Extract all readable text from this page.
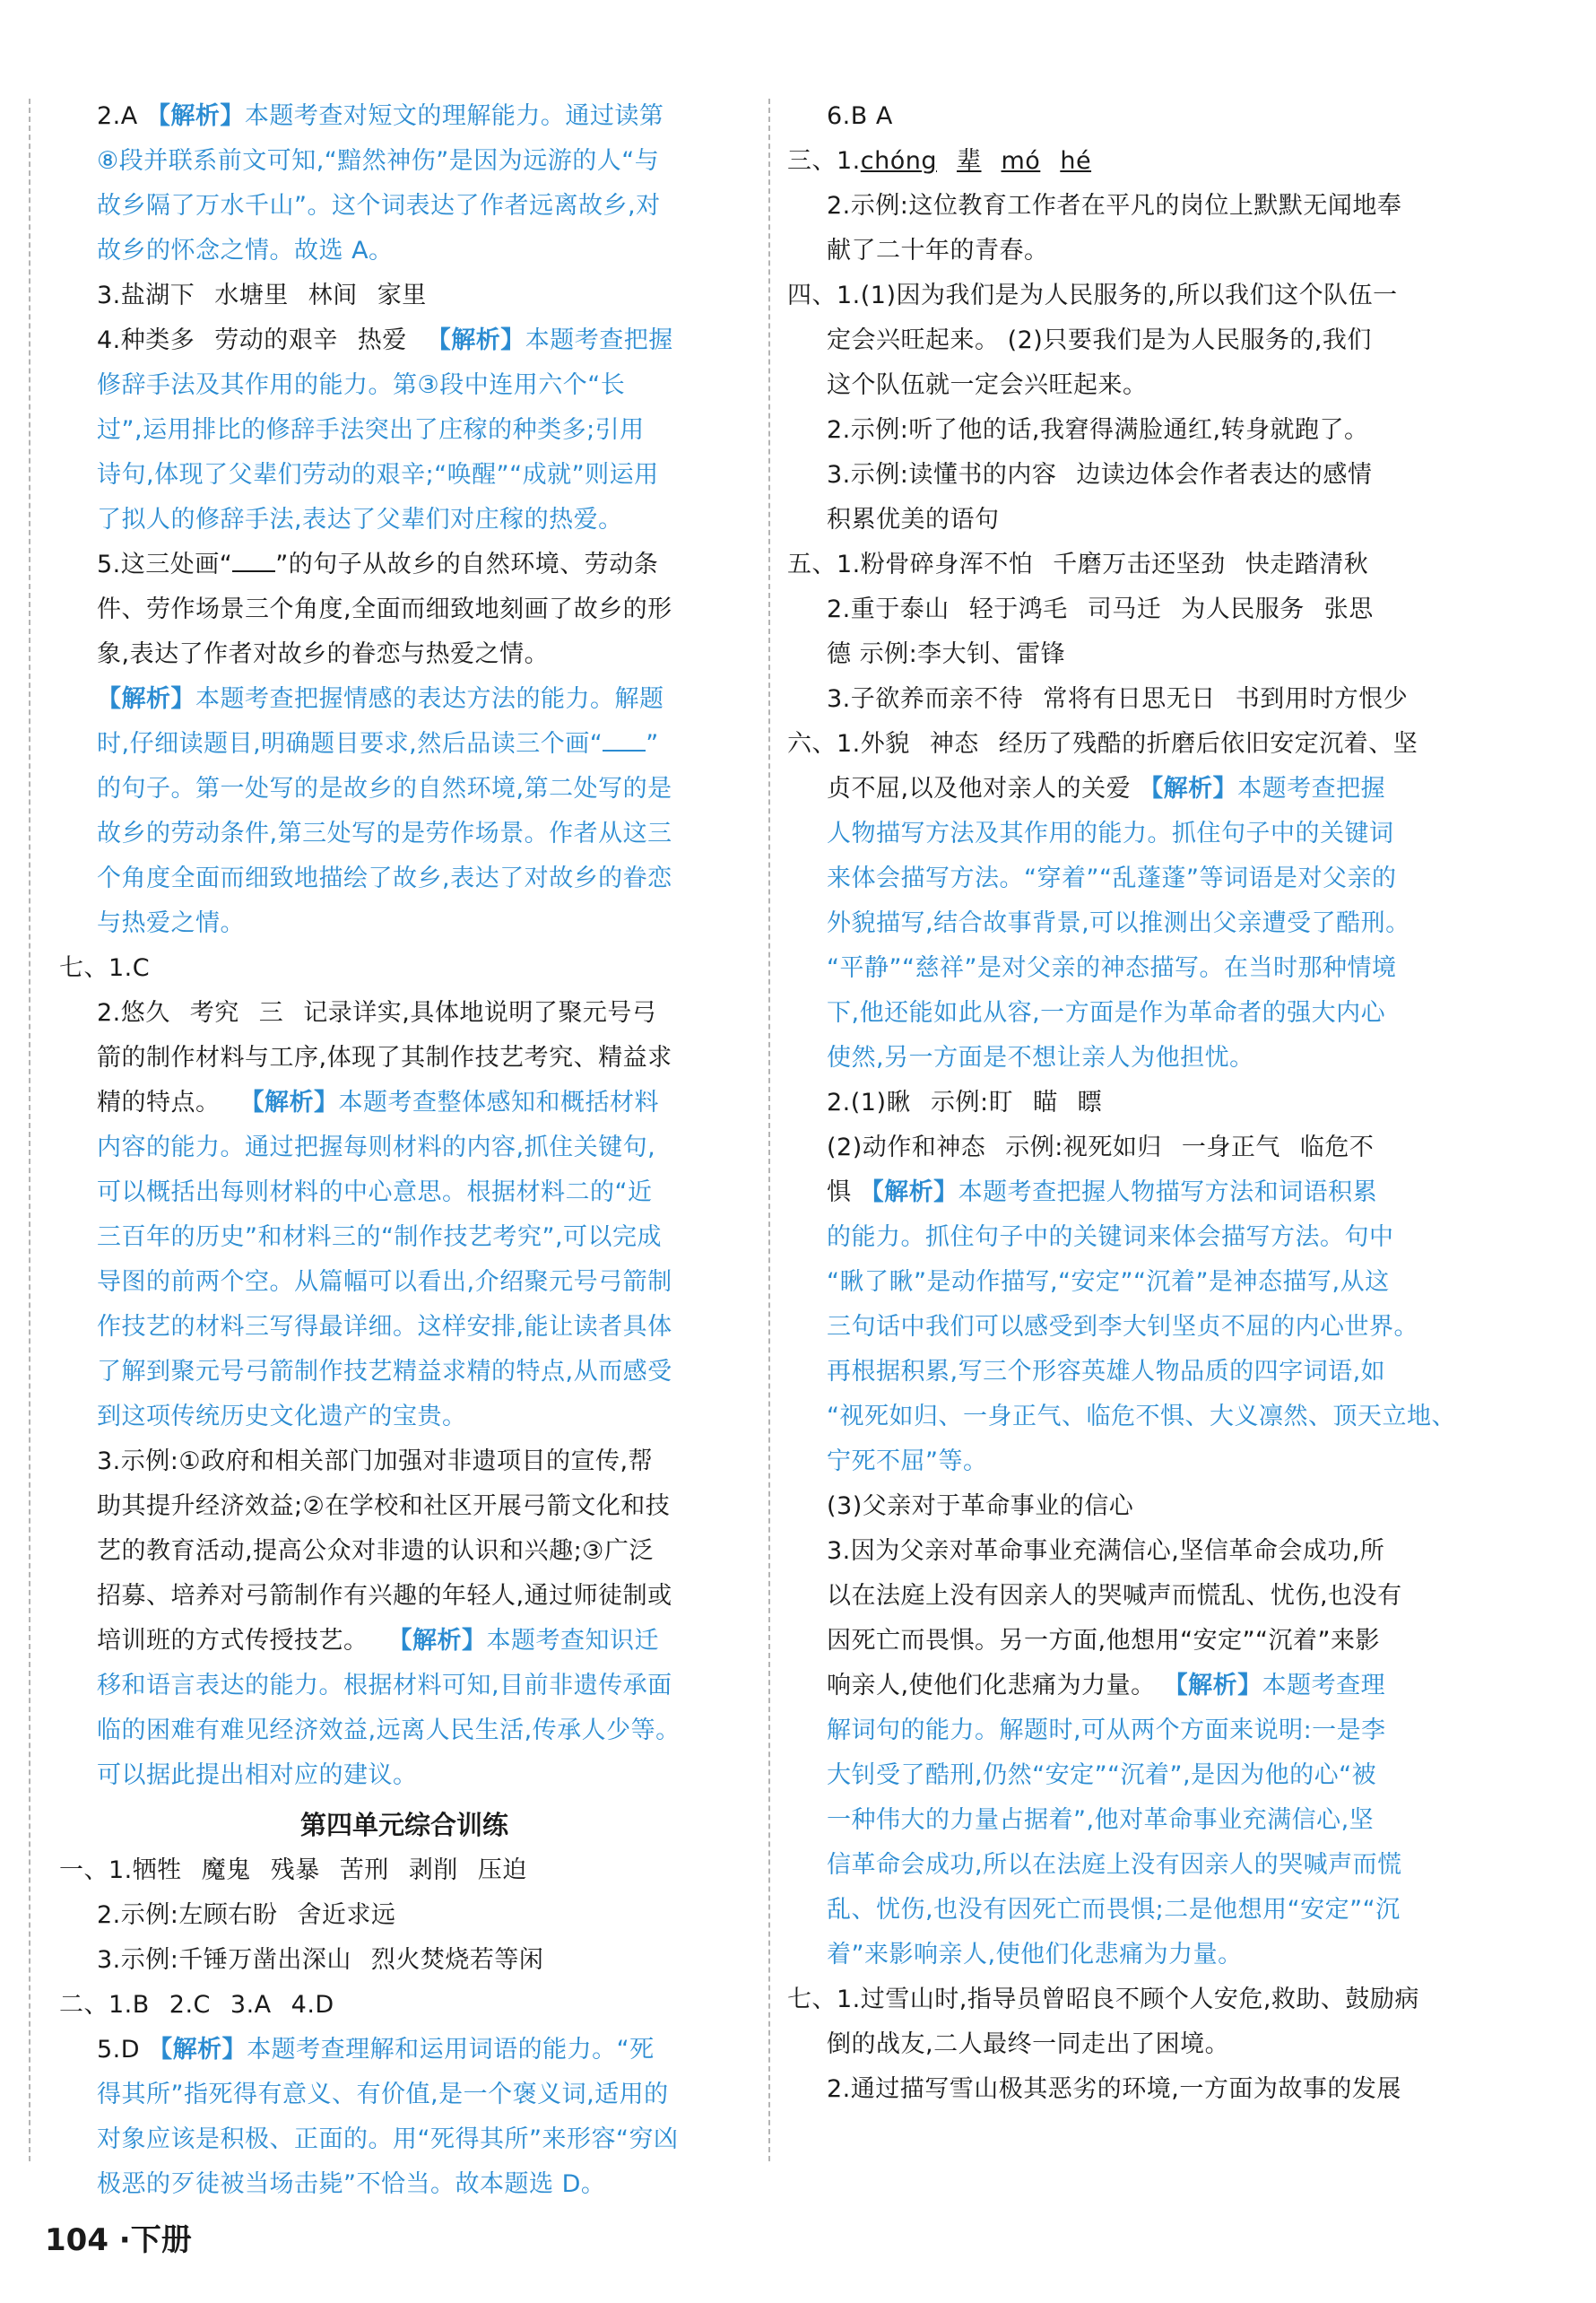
2.A 【解析】本题考查对短文的理解能力。通过读第
⑧段并联系前文可知,“黯然神伤”是因为远游的人“与
故乡隔了万水千山”。这个词表达了作者远离故乡,对
故乡的怀念之情。故选 A。
3.盐湖下 水塘里 林间 家里
4.种类多 劳动的艰辛 热爱 【解析】本题考查把握
修辞手法及其作用的能力。第③段中连用六个“长
过”,运用排比的修辞手法突出了庄稼的种类多;引用
诗句,体现了父辈们劳动的艰辛;“唤醒”“成就”则运用
了拟人的修辞手法,表达了父辈们对庄稼的热爱。
5.这三处画“ ”的句子从故乡的自然环境、劳动条
件、劳作场景三个角度,全面而细致地刻画了故乡的形
象,表达了作者对故乡的眷恋与热爱之情。
【解析】本题考查把握情感的表达方法的能力。解题
时,仔细读题目,明确题目要求,然后品读三个画“ ”
的句子。第一处写的是故乡的自然环境,第二处写的是
故乡的劳动条件,第三处写的是劳作场景。作者从这三
个角度全面而细致地描绘了故乡,表达了对故乡的眷恋
与热爱之情。
七、1.C
2.悠久 考究 三 记录详实,具体地说明了聚元号弓
箭的制作材料与工序,体现了其制作技艺考究、精益求
精的特点。 【解析】本题考查整体感知和概括材料
内容的能力。通过把握每则材料的内容,抓住关键句,
可以概括出每则材料的中心意思。根据材料二的“近
三百年的历史”和材料三的“制作技艺考究”,可以完成
导图的前两个空。从篇幅可以看出,介绍聚元号弓箭制
作技艺的材料三写得最详细。这样安排,能让读者具体
了解到聚元号弓箭制作技艺精益求精的特点,从而感受
到这项传统历史文化遗产的宝贵。
3.示例:①政府和相关部门加强对非遗项目的宣传,帮
助其提升经济效益;②在学校和社区开展弓箭文化和技
艺的教育活动,提高公众对非遗的认识和兴趣;③广泛
招募、培养对弓箭制作有兴趣的年轻人,通过师徒制或
培训班的方式传授技艺。 【解析】本题考查知识迁
移和语言表达的能力。根据材料可知,目前非遗传承面
临的困难有难见经济效益,远离人民生活,传承人少等。
可以据此提出相对应的建议。
第四单元综合训练
一、1.牺牲 魔鬼 残暴 苦刑 剥削 压迫
2.示例:左顾右盼 舍近求远
3.示例:千锤万凿出深山 烈火焚烧若等闲
二、1.B 2.C 3.A 4.D
5.D 【解析】本题考查理解和运用词语的能力。“死
得其所”指死得有意义、有价值,是一个褒义词,适用的
对象应该是积极、正面的。用“死得其所”来形容“穷凶
极恶的歹徒被当场击毙”不恰当。故本题选 D。
6.B A
三、1.chóng 辈 mó hé
2.示例:这位教育工作者在平凡的岗位上默默无闻地奉
献了二十年的青春。
四、1.(1)因为我们是为人民服务的,所以我们这个队伍一
定会兴旺起来。 (2)只要我们是为人民服务的,我们
这个队伍就一定会兴旺起来。
2.示例:听了他的话,我窘得满脸通红,转身就跑了。
3.示例:读懂书的内容 边读边体会作者表达的感情
积累优美的语句
五、1.粉骨碎身浑不怕 千磨万击还坚劲 快走踏清秋
2.重于泰山 轻于鸿毛 司马迁 为人民服务 张思
德 示例:李大钊、雷锋
3.子欲养而亲不待 常将有日思无日 书到用时方恨少
六、1.外貌 神态 经历了残酷的折磨后依旧安定沉着、坚
贞不屈,以及他对亲人的关爱 【解析】本题考查把握
人物描写方法及其作用的能力。抓住句子中的关键词
来体会描写方法。“穿着”“乱蓬蓬”等词语是对父亲的
外貌描写,结合故事背景,可以推测出父亲遭受了酷刑。
“平静”“慈祥”是对父亲的神态描写。在当时那种情境
下,他还能如此从容,一方面是作为革命者的强大内心
使然,另一方面是不想让亲人为他担忧。
2.(1)瞅 示例:盯 瞄 瞟
(2)动作和神态 示例:视死如归 一身正气 临危不
惧 【解析】本题考查把握人物描写方法和词语积累
的能力。抓住句子中的关键词来体会描写方法。句中
“瞅了瞅”是动作描写,“安定”“沉着”是神态描写,从这
三句话中我们可以感受到李大钊坚贞不屈的内心世界。
再根据积累,写三个形容英雄人物品质的四字词语,如
“视死如归、一身正气、临危不惧、大义凛然、顶天立地、
宁死不屈”等。
(3)父亲对于革命事业的信心
3.因为父亲对革命事业充满信心,坚信革命会成功,所
以在法庭上没有因亲人的哭喊声而慌乱、忧伤,也没有
因死亡而畏惧。另一方面,他想用“安定”“沉着”来影
响亲人,使他们化悲痛为力量。 【解析】本题考查理
解词句的能力。解题时,可从两个方面来说明:一是李
大钊受了酷刑,仍然“安定”“沉着”,是因为他的心“被
一种伟大的力量占据着”,他对革命事业充满信心,坚
信革命会成功,所以在法庭上没有因亲人的哭喊声而慌
乱、忧伤,也没有因死亡而畏惧;二是他想用“安定”“沉
着”来影响亲人,使他们化悲痛为力量。
七、1.过雪山时,指导员曾昭良不顾个人安危,救助、鼓励病
倒的战友,二人最终一同走出了困境。
2.通过描写雪山极其恶劣的环境,一方面为故事的发展
104 ·下册
